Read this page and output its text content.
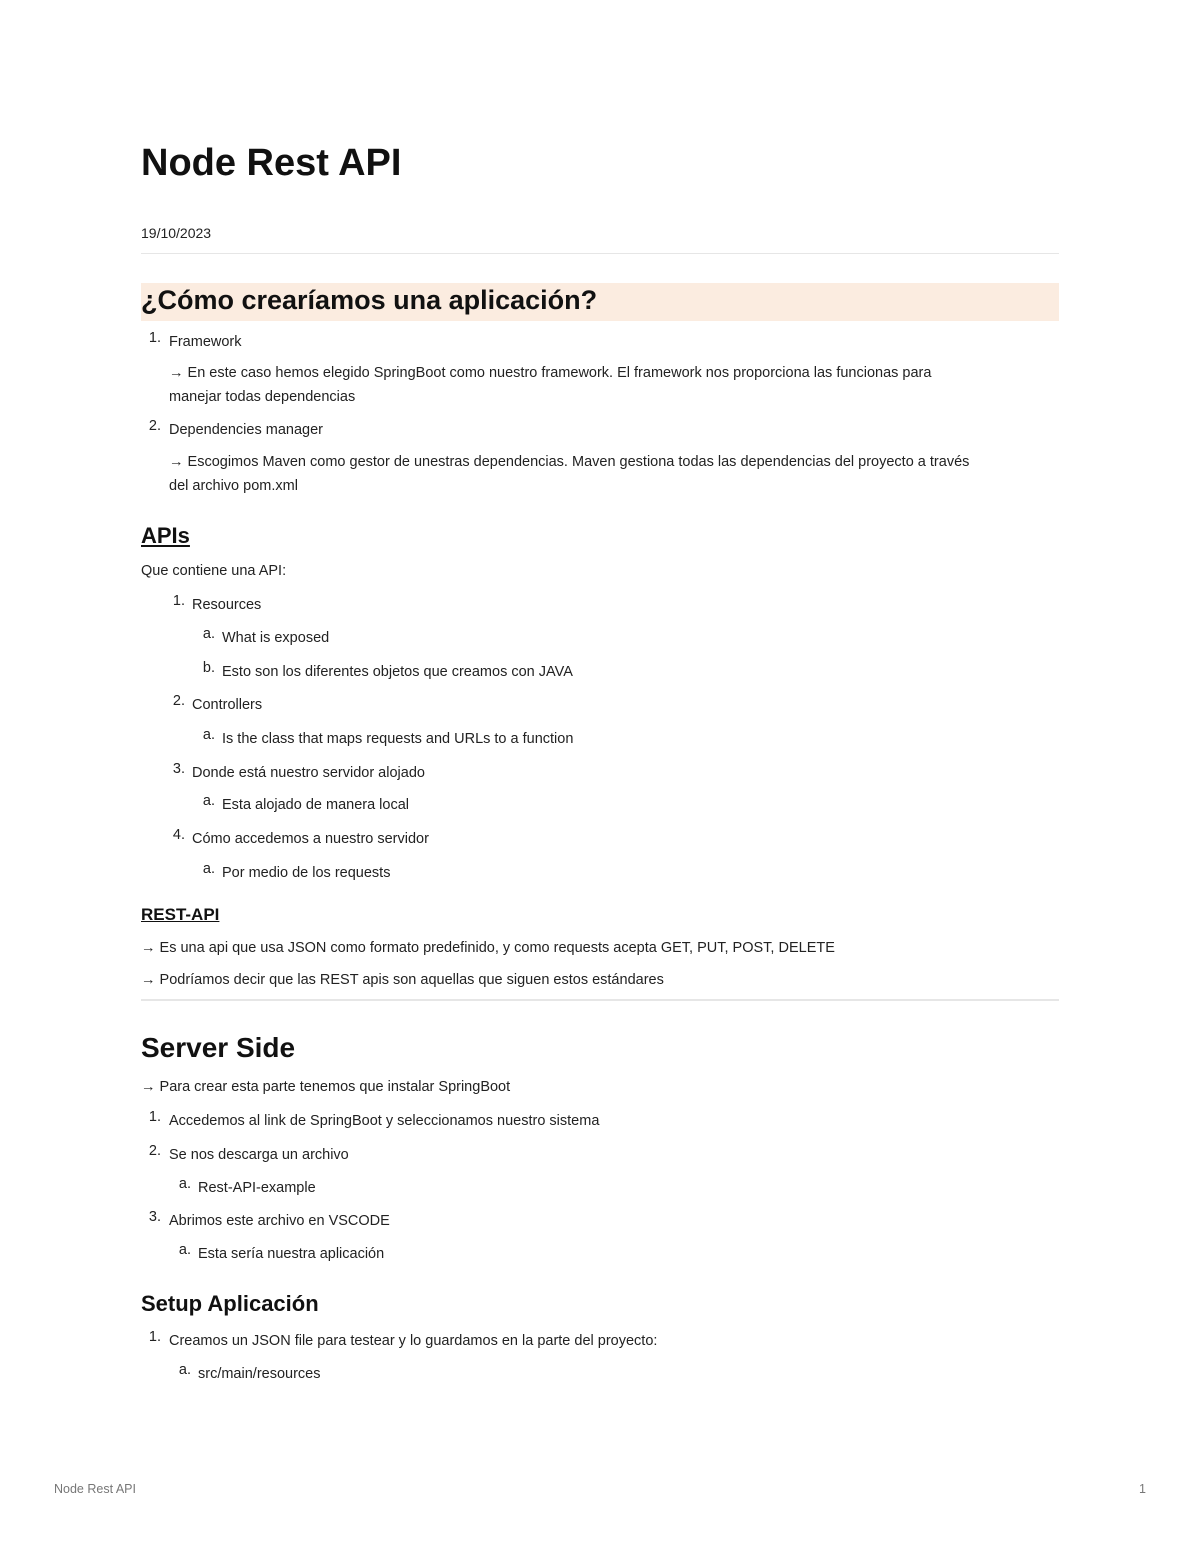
Node Rest API
19/10/2023
¿Cómo crearíamos una aplicación?
1. Framework
→ En este caso hemos elegido SpringBoot como nuestro framework. El framework nos proporciona las funcionas para
manejar todas dependencias
2. Dependencies manager
→ Escogimos Maven como gestor de unestras dependencias. Maven gestiona todas las dependencias del proyecto a través
del archivo pom.xml
APIs
Que contiene una API:
1. Resources
a. What is exposed
b. Esto son los diferentes objetos que creamos con JAVA
2. Controllers
a. Is the class that maps requests and URLs to a function
3. Donde está nuestro servidor alojado
a. Esta alojado de manera local
4. Cómo accedemos a nuestro servidor
a. Por medio de los requests
REST-API
→ Es una api que usa JSON como formato predefinido, y como requests acepta GET, PUT, POST, DELETE
→ Podríamos decir que las REST apis son aquellas que siguen estos estándares
Server Side
→ Para crear esta parte tenemos que instalar SpringBoot
1. Accedemos al link de SpringBoot y seleccionamos nuestro sistema
2. Se nos descarga un archivo
a. Rest-API-example
3. Abrimos este archivo en VSCODE
a. Esta sería nuestra aplicación
Setup Aplicación
1. Creamos un JSON file para testear y lo guardamos en la parte del proyecto:
a. src/main/resources
Node Rest API	1
